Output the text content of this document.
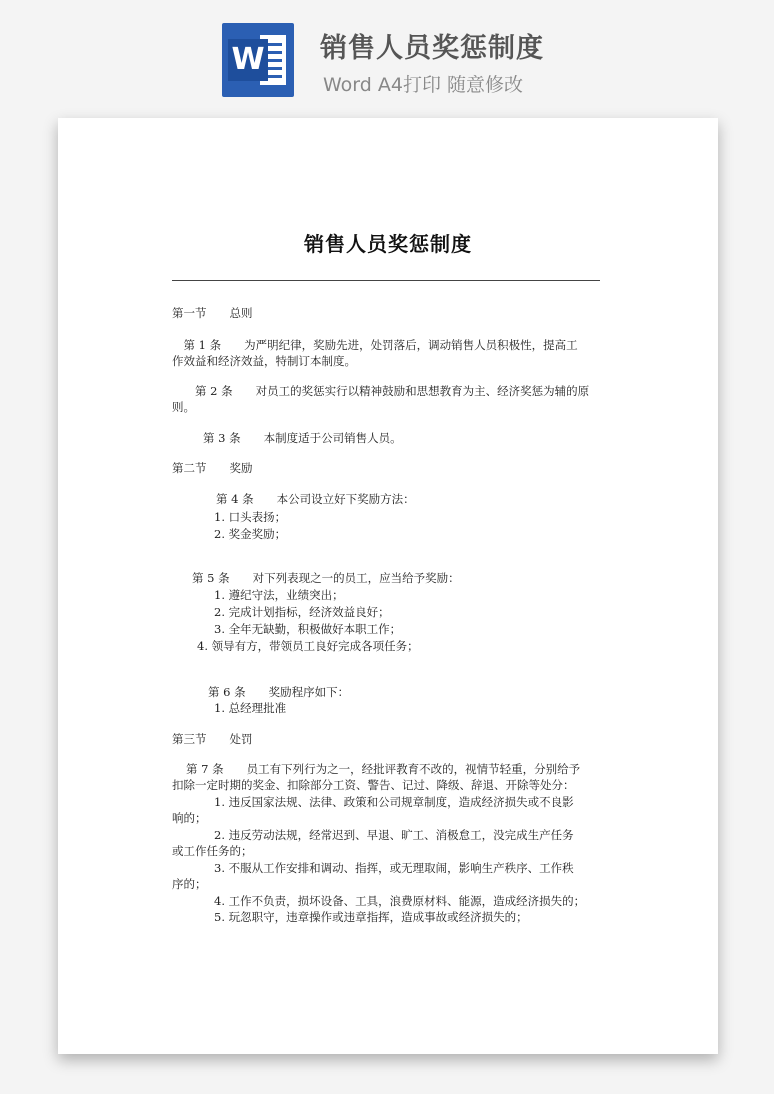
W 销售人员奖惩制度
Word A4打印 随意修改
销售人员奖惩制度
第一节　　总则
　第 1 条　　为严明纪律，奖励先进，处罚落后，调动销售人员积极性，提高工
作效益和经济效益，特制订本制度。
　　第 2 条　　对员工的奖惩实行以精神鼓励和思想教育为主、经济奖惩为辅的原
则。
　　第 3 条　　本制度适于公司销售人员。
第二节　　奖励
第 4 条　　本公司设立好下奖励方法：
1. 口头表扬；
2. 奖金奖励；
第 5 条　　对下列表现之一的员工，应当给予奖励：
1. 遵纪守法，业绩突出；
2. 完成计划指标，经济效益良好；
3. 全年无缺勤，积极做好本职工作；
4. 领导有方，带领员工良好完成各项任务；
第 6 条　　奖励程序如下：
1. 总经理批准
第三节　　处罚
第 7 条　　员工有下列行为之一，经批评教育不改的，视情节轻重，分别给予
扣除一定时期的奖金、扣除部分工资、警告、记过、降级、辞退、开除等处分：
1. 违反国家法规、法律、政策和公司规章制度，造成经济损失或不良影
响的；
2. 违反劳动法规，经常迟到、早退、旷工、消极怠工，没完成生产任务
或工作任务的；
3. 不服从工作安排和调动、指挥，或无理取闹，影响生产秩序、工作秩
序的；
4. 工作不负责，损坏设备、工具，浪费原材料、能源，造成经济损失的；
5. 玩忽职守，违章操作或违章指挥，造成事故或经济损失的；
